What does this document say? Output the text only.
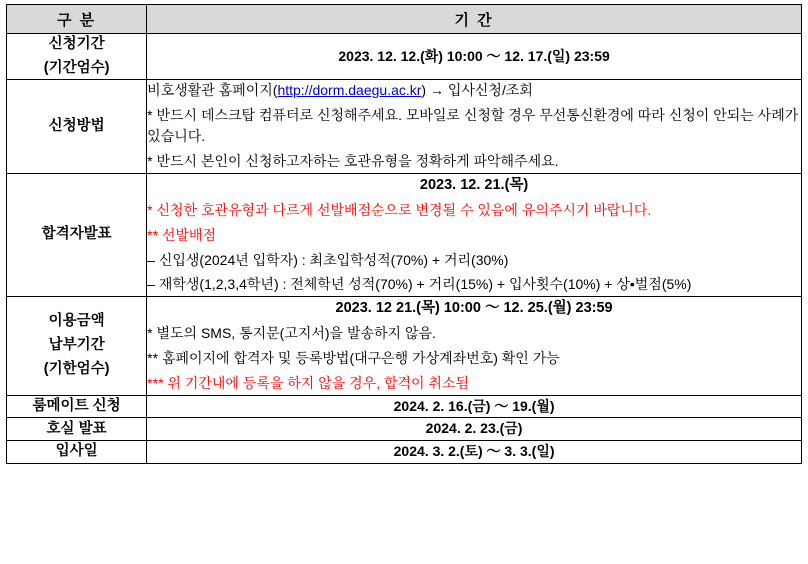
구 분	기 간

신청기간
(기간엄수)	2023. 12. 12.(화) 10:00 ～ 12. 17.(일) 23:59

신청방법	비호생활관 홈페이지(http://dorm.daegu.ac.kr) → 입사신청/조회
* 반드시 데스크탑 컴퓨터로 신청해주세요. 모바일로 신청할 경우 무선통신환경에 따라 신청이 안되는 사례가 있습니다.
* 반드시 본인이 신청하고자하는 호관유형을 정확하게 파악해주세요.

합격자발표	2023. 12. 21.(목)
* 신청한 호관유형과 다르게 선발배점순으로 변경될 수 있음에 유의주시기 바랍니다.
** 선발배점
– 신입생(2024년 입학자) : 최초입학성적(70%) + 거리(30%)
– 재학생(1,2,3,4학년) : 전체학년 성적(70%) + 거리(15%) + 입사횟수(10%) + 상•벌점(5%)

이용금액
납부기간
(기한엄수)	2023. 12 21.(목) 10:00 ～ 12. 25.(월) 23:59
* 별도의 SMS, 통지문(고지서)을 발송하지 않음.
** 홈페이지에 합격자 및 등록방법(대구은행 가상계좌번호) 확인 가능
*** 위 기간내에 등록을 하지 않을 경우, 합격이 취소됨

룸메이트 신청	2024. 2. 16.(금) ～ 19.(월)

호실 발표	2024. 2. 23.(금)

입사일	2024. 3. 2.(토) ～ 3. 3.(일)
